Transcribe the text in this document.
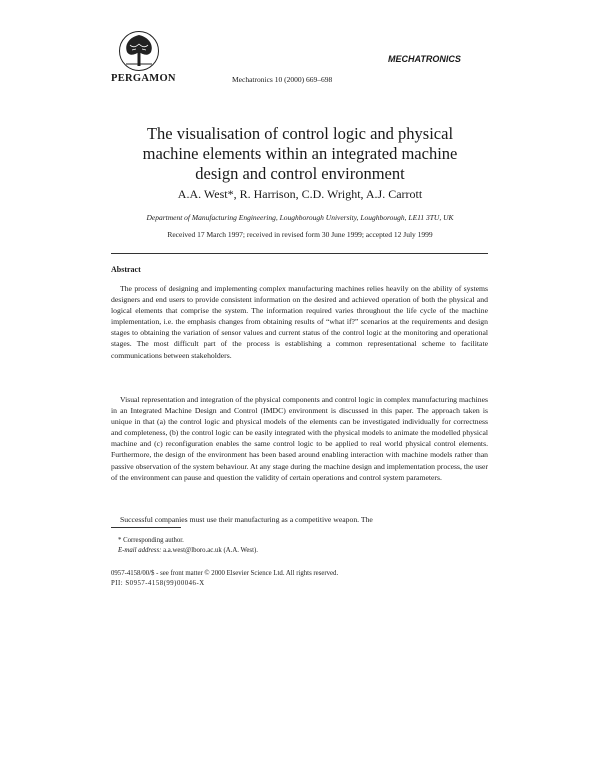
PERGAMON	Mechatronics 10 (2000) 669–698
MECHATRONICS
The visualisation of control logic and physical
machine elements within an integrated machine
design and control environment
A.A. West*, R. Harrison, C.D. Wright, A.J. Carrott
Department of Manufacturing Engineering, Loughborough University, Loughborough, LE11 3TU, UK
Received 17 March 1997; received in revised form 30 June 1999; accepted 12 July 1999
Abstract

The process of designing and implementing complex manufacturing machines relies heavily on the ability of systems designers and end users to provide consistent information on the desired and achieved operation of both the physical and logical elements that comprise the system. The information required varies throughout the life cycle of the machine implementation, i.e. the emphasis changes from obtaining results of “what if?” scenarios at the requirements and design stages to obtaining the variation of sensor values and current status of the control logic at the monitoring and operational stages. The most difficult part of the process is establishing a common representational scheme to facilitate communications between stakeholders.

Visual representation and integration of the physical components and control logic in complex manufacturing machines in an Integrated Machine Design and Control (IMDC) environment is discussed in this paper. The approach taken is unique in that (a) the control logic and physical models of the elements can be investigated individually for correctness and completeness, (b) the control logic can be easily integrated with the physical models to animate the modelled physical machine and (c) reconfiguration enables the same control logic to be applied to real world physical control elements. Furthermore, the design of the environment has been based around enabling interaction with machine models rather than passive observation of the system behaviour. At any stage during the machine design and implementation process, the user of the environment can pause and question the validity of certain operations and control system parameters.

Successful companies must use their manufacturing as a competitive weapon. The

* Corresponding author.
E-mail address: a.a.west@lboro.ac.uk (A.A. West).
0957-4158/00/$ - see front matter © 2000 Elsevier Science Ltd. All rights reserved.
PII: S0957-4158(99)00046-X
